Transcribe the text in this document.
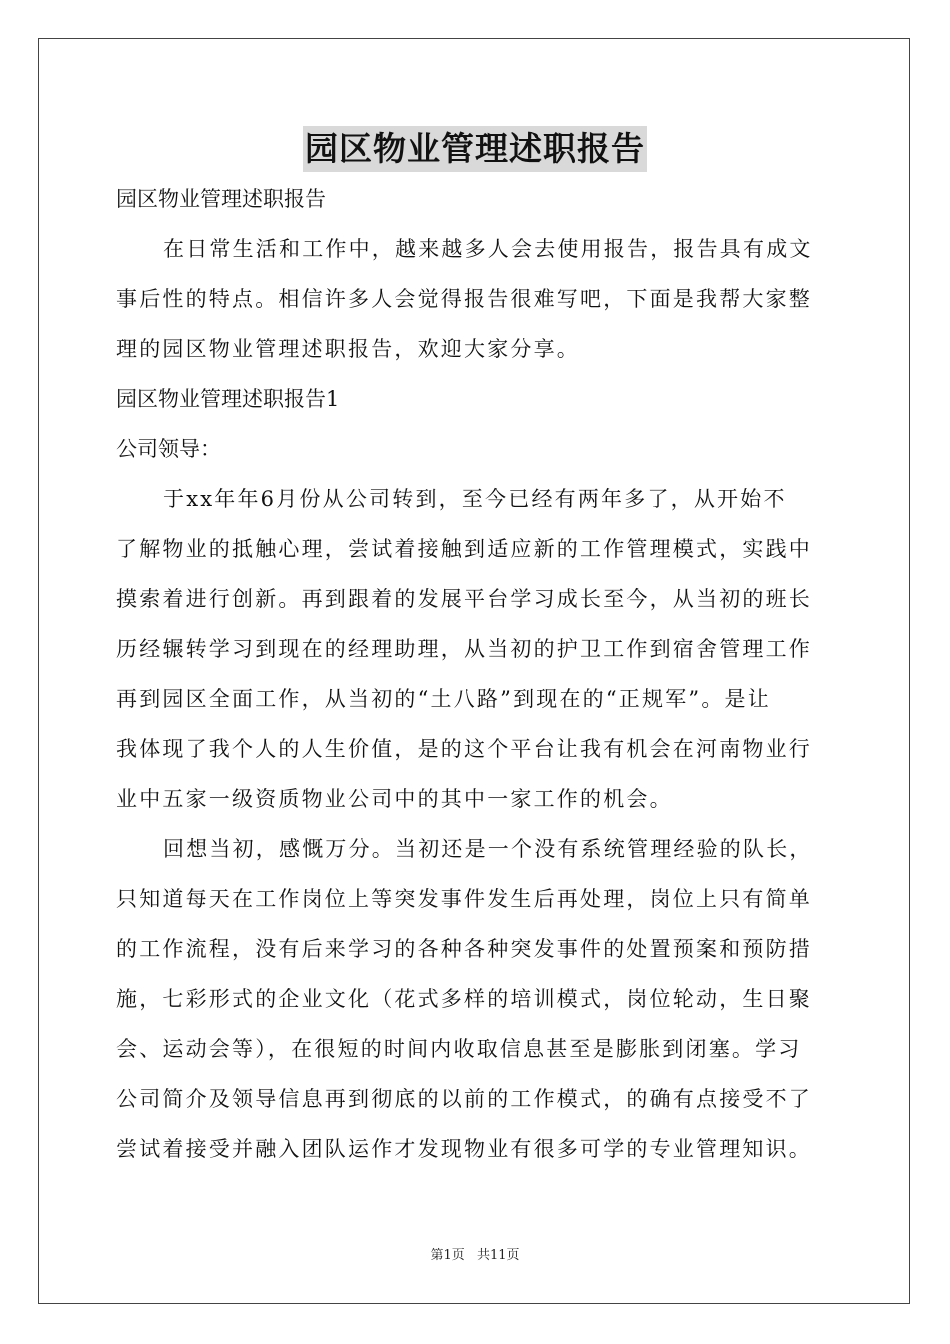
园区物业管理述职报告
园区物业管理述职报告
在日常生活和工作中，越来越多人会去使用报告，报告具有成文
事后性的特点。相信许多人会觉得报告很难写吧，下面是我帮大家整
理的园区物业管理述职报告，欢迎大家分享。
园区物业管理述职报告1
公司领导：
于xx年年6月份从公司转到，至今已经有两年多了，从开始不
了解物业的抵触心理，尝试着接触到适应新的工作管理模式，实践中
摸索着进行创新。再到跟着的发展平台学习成长至今，从当初的班长
历经辗转学习到现在的经理助理，从当初的护卫工作到宿舍管理工作
再到园区全面工作，从当初的“土八路”到现在的“正规军”。是让
我体现了我个人的人生价值，是的这个平台让我有机会在河南物业行
业中五家一级资质物业公司中的其中一家工作的机会。
回想当初，感慨万分。当初还是一个没有系统管理经验的队长，
只知道每天在工作岗位上等突发事件发生后再处理，岗位上只有简单
的工作流程，没有后来学习的各种各种突发事件的处置预案和预防措
施，七彩形式的企业文化（花式多样的培训模式，岗位轮动，生日聚
会、运动会等），在很短的时间内收取信息甚至是膨胀到闭塞。学习
公司简介及领导信息再到彻底的以前的工作模式，的确有点接受不了
尝试着接受并融入团队运作才发现物业有很多可学的专业管理知识。
第1页 共11页
